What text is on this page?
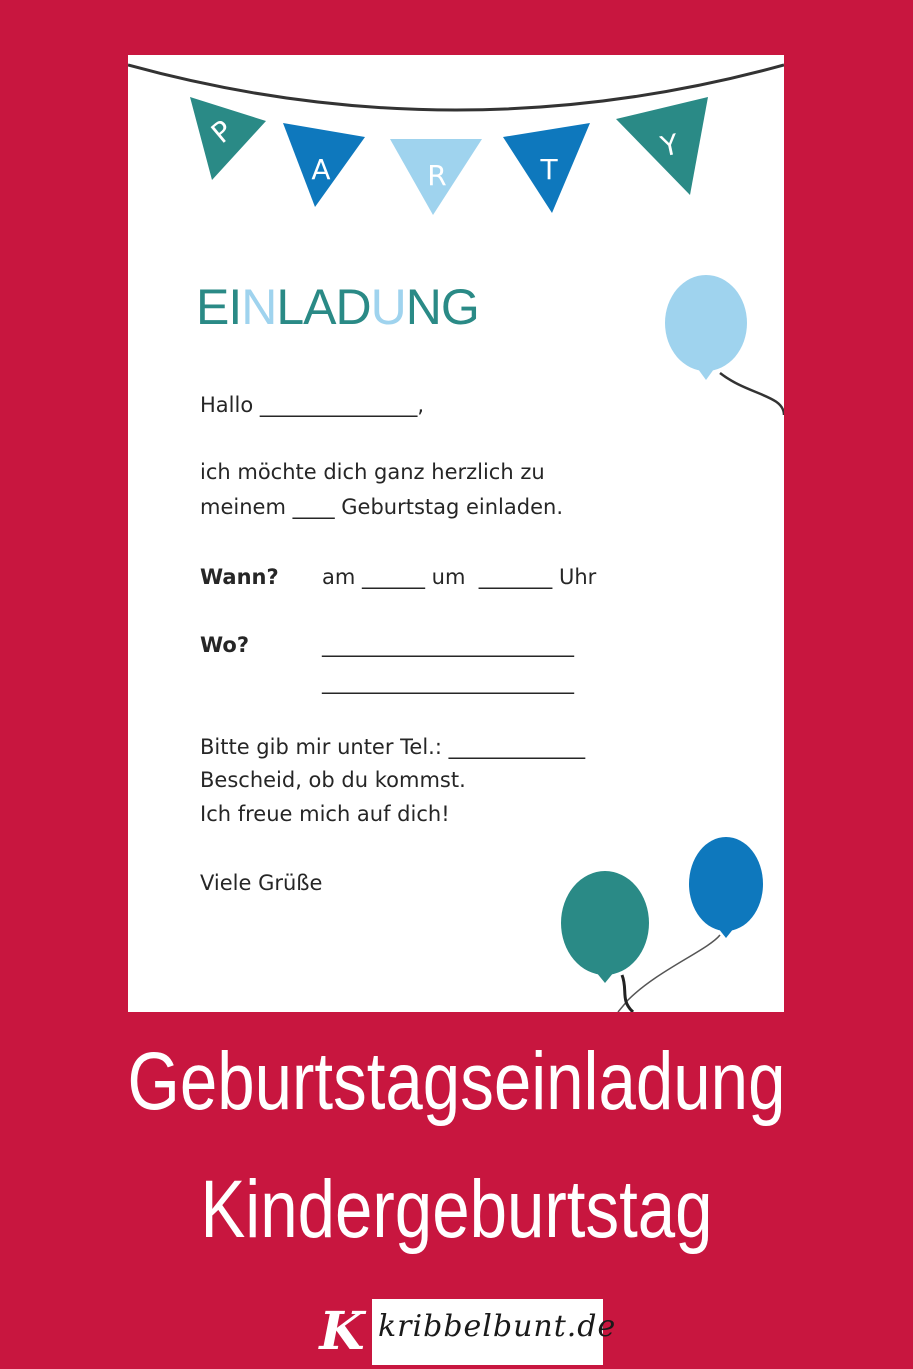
P
A	R	T
Y
EINLADUNG

Hallo _______________,

ich möchte dich ganz herzlich zu

meinem ____ Geburtstag einladen.

Wann? am ______ um  _______ Uhr

Wo?	________________________

________________________

Bitte gib mir unter Tel.: _____________

Bescheid, ob du kommst.

Ich freue mich auf dich!

Viele Grüße

Geburtstagseinladung
Kindergeburtstag
K kribbelbunt.de
